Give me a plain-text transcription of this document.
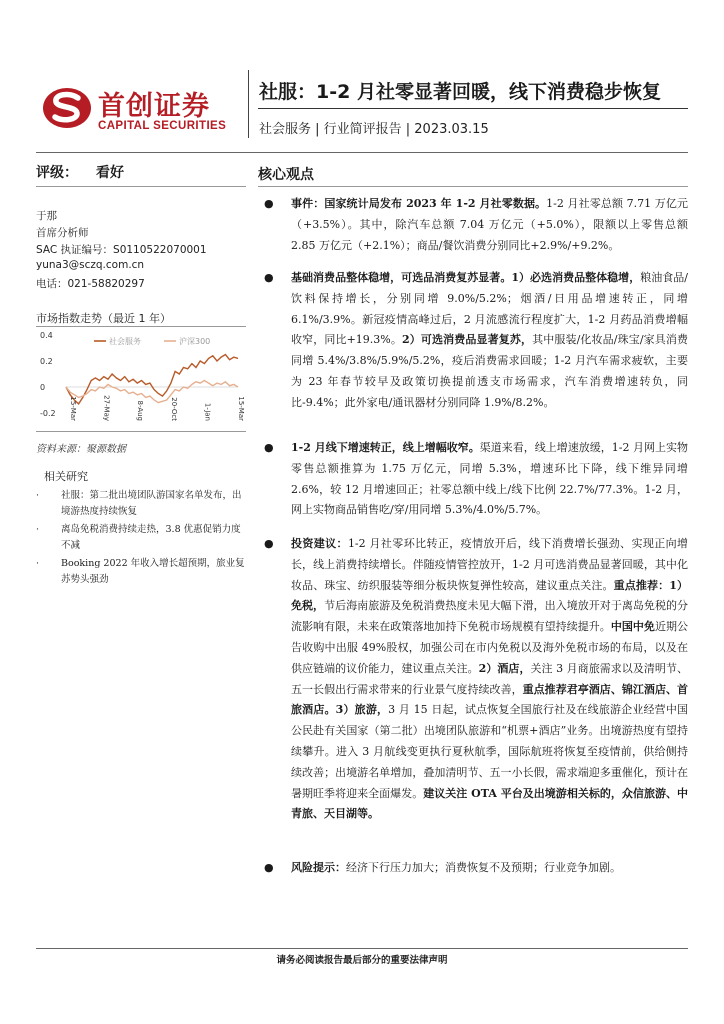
首创证券
CAPITAL SECURITIES
社服：1-2 月社零显著回暖，线下消费稳步恢复
社会服务 | 行业简评报告 | 2023.03.15
评级： 看好
于那
首席分析师
SAC 执证编号：S0110522070001
yuna3@sczq.com.cn
电话：021-58820297
市场指数走势（最近 1 年）
0.4
0.2
0
-0.2 15-Mar	27-May	8-Aug	20-Oct	1-Jan	15-Mar
社会服务	沪深300
资料来源：聚源数据
相关研究
·	社服：第二批出境团队游国家名单发布，出境游热度持续恢复
·	离岛免税消费持续走热，3.8 优惠促销力度不减
·	Booking 2022 年收入增长超预期，旅业复苏势头强劲
核心观点
●	事件：国家统计局发布 2023 年 1-2 月社零数据。1-2 月社零总额 7.71 万亿元（+3.5%）。其中，除汽车总额 7.04 万亿元（+5.0%），限额以上零售总额 2.85 万亿元（+2.1%）；商品/餐饮消费分别同比+2.9%/+9.2%。
●	基础消费品整体稳增，可选品消费复苏显著。1）必选消费品整体稳增，粮油食品/饮料保持增长，分别同增 9.0%/5.2%；烟酒/日用品增速转正，同增 6.1%/3.9%。新冠疫情高峰过后，2 月流感流行程度扩大，1-2 月药品消费增幅收窄，同比+19.3%。2）可选消费品显著复苏，其中服装/化妆品/珠宝/家具消费同增 5.4%/3.8%/5.9%/5.2%，疫后消费需求回暖；1-2 月汽车需求疲软，主要为 23 年春节较早及政策切换提前透支市场需求，汽车消费增速转负，同比-9.4%；此外家电/通讯器材分别同降 1.9%/8.2%。
●	1-2 月线下增速转正，线上增幅收窄。渠道来看，线上增速放缓，1-2 月网上实物零售总额推算为 1.75 万亿元，同增 5.3%，增速环比下降，线下维异同增 2.6%，较 12 月增速回正；社零总额中线上/线下比例 22.7%/77.3%。1-2 月，网上实物商品销售吃/穿/用同增 5.3%/4.0%/5.7%。
●	投资建议：1-2 月社零环比转正，疫情放开后，线下消费增长强劲、实现正向增长，线上消费持续增长。伴随疫情管控放开，1-2 月可选消费品显著回暖，其中化妆品、珠宝、纺织服装等细分板块恢复弹性较高，建议重点关注。重点推荐：1）免税，节后海南旅游及免税消费热度未见大幅下滑，出入境放开对于离岛免税的分流影响有限，未来在政策落地加持下免税市场规模有望持续提升。中国中免近期公告收购中出服 49%股权，加强公司在市内免税以及海外免税市场的布局，以及在供应链端的议价能力，建议重点关注。2）酒店，关注 3 月商旅需求以及清明节、五一长假出行需求带来的行业景气度持续改善，重点推荐君亭酒店、锦江酒店、首旅酒店。3）旅游，3 月 15 日起，试点恢复全国旅行社及在线旅游企业经营中国公民赴有关国家（第二批）出境团队旅游和“机票+酒店”业务。出境游热度有望持续攀升。进入 3 月航线变更执行夏秋航季，国际航班将恢复至疫情前，供给侧持续改善；出境游名单增加，叠加清明节、五一小长假，需求端迎多重催化，预计在暑期旺季将迎来全面爆发。建议关注 OTA 平台及出境游相关标的，众信旅游、中青旅、天目湖等。
●	风险提示：经济下行压力加大；消费恢复不及预期；行业竞争加剧。
请务必阅读报告最后部分的重要法律声明
